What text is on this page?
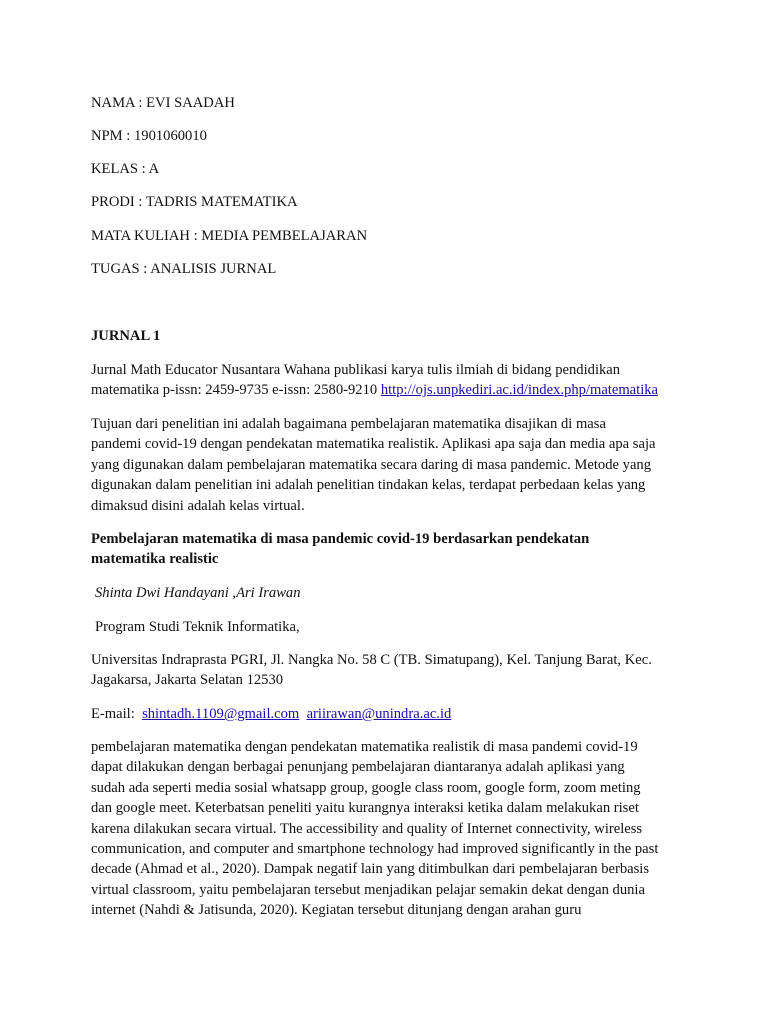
NAMA : EVI SAADAH
NPM : 1901060010
KELAS : A
PRODI : TADRIS MATEMATIKA
MATA KULIAH : MEDIA PEMBELAJARAN
TUGAS : ANALISIS JURNAL
JURNAL 1
Jurnal Math Educator Nusantara Wahana publikasi karya tulis ilmiah di bidang pendidikan
matematika p-issn: 2459-9735 e-issn: 2580-9210 http://ojs.unpkediri.ac.id/index.php/matematika
Tujuan dari penelitian ini adalah bagaimana pembelajaran matematika disajikan di masa
pandemi covid-19 dengan pendekatan matematika realistik. Aplikasi apa saja dan media apa saja
yang digunakan dalam pembelajaran matematika secara daring di masa pandemic. Metode yang
digunakan dalam penelitian ini adalah penelitian tindakan kelas, terdapat perbedaan kelas yang
dimaksud disini adalah kelas virtual.
Pembelajaran matematika di masa pandemic covid-19 berdasarkan pendekatan
matematika realistic
Shinta Dwi Handayani ,Ari Irawan
Program Studi Teknik Informatika,
Universitas Indraprasta PGRI, Jl. Nangka No. 58 C (TB. Simatupang), Kel. Tanjung Barat, Kec.
Jagakarsa, Jakarta Selatan 12530
E-mail: shintadh.1109@gmail.com ariirawan@unindra.ac.id
pembelajaran matematika dengan pendekatan matematika realistik di masa pandemi covid-19
dapat dilakukan dengan berbagai penunjang pembelajaran diantaranya adalah aplikasi yang
sudah ada seperti media sosial whatsapp group, google class room, google form, zoom meting
dan google meet. Keterbatsan peneliti yaitu kurangnya interaksi ketika dalam melakukan riset
karena dilakukan secara virtual. The accessibility and quality of Internet connectivity, wireless
communication, and computer and smartphone technology had improved significantly in the past
decade (Ahmad et al., 2020). Dampak negatif lain yang ditimbulkan dari pembelajaran berbasis
virtual classroom, yaitu pembelajaran tersebut menjadikan pelajar semakin dekat dengan dunia
internet (Nahdi & Jatisunda, 2020). Kegiatan tersebut ditunjang dengan arahan guru
